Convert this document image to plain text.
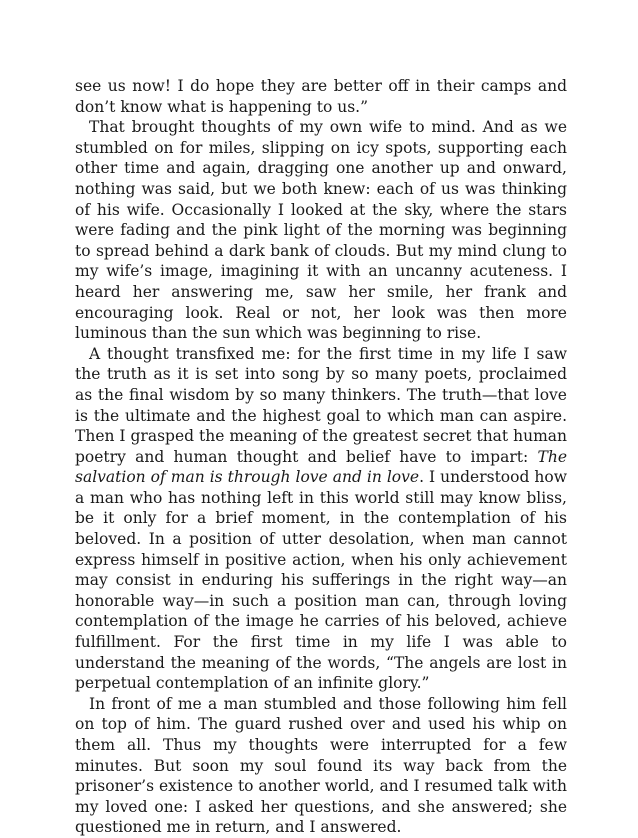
see us now! I do hope they are better off in their camps and don’t know what is happening to us.”

That brought thoughts of my own wife to mind. And as we stumbled on for miles, slipping on icy spots, supporting each other time and again, dragging one another up and onward, nothing was said, but we both knew: each of us was thinking of his wife. Occasionally I looked at the sky, where the stars were fading and the pink light of the morning was beginning to spread behind a dark bank of clouds. But my mind clung to my wife’s image, imagining it with an uncanny acuteness. I heard her answering me, saw her smile, her frank and encouraging look. Real or not, her look was then more luminous than the sun which was beginning to rise.

A thought transfixed me: for the first time in my life I saw the truth as it is set into song by so many poets, proclaimed as the final wisdom by so many thinkers. The truth—that love is the ultimate and the highest goal to which man can aspire. Then I grasped the meaning of the greatest secret that human poetry and human thought and belief have to impart: The salvation of man is through love and in love. I understood how a man who has nothing left in this world still may know bliss, be it only for a brief moment, in the contemplation of his beloved. In a position of utter desolation, when man cannot express himself in positive action, when his only achievement may consist in enduring his sufferings in the right way—an honorable way—in such a position man can, through loving contemplation of the image he carries of his beloved, achieve fulfillment. For the first time in my life I was able to understand the meaning of the words, “The angels are lost in perpetual contemplation of an infinite glory.”

In front of me a man stumbled and those following him fell on top of him. The guard rushed over and used his whip on them all. Thus my thoughts were interrupted for a few minutes. But soon my soul found its way back from the prisoner’s existence to another world, and I resumed talk with my loved one: I asked her questions, and she answered; she questioned me in return, and I answered.
